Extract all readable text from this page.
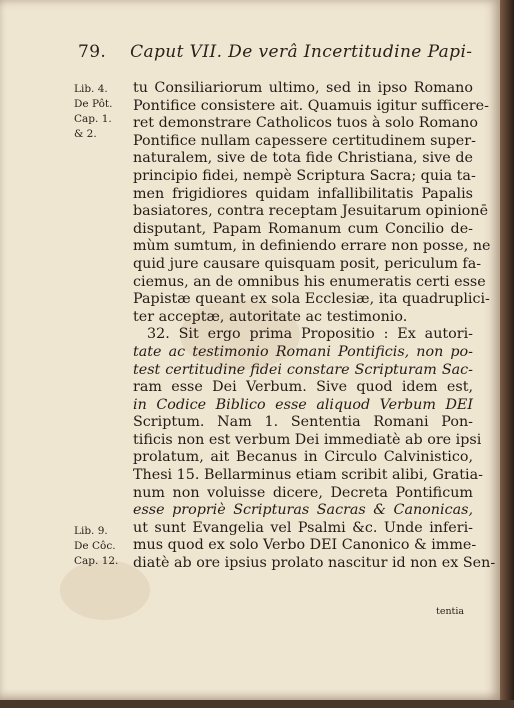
79. Caput VII. De verâ Incertitudine Papi-
Lib. 4.
De Pôt.
Cap. 1.
& 2.
Lib. 9.
De Côc.
Cap. 12.
tu Consiliariorum ultimo, sed in ipso Romano
Pontifice consistere ait. Quamuis igitur sufficere-
ret demonstrare Catholicos tuos à solo Romano
Pontifice nullam capessere certitudinem super-
naturalem, sive de tota fide Christiana, sive de
principio fidei, nempè Scriptura Sacra; quia ta-
men frigidiores quidam infallibilitatis Papalis
basiatores, contra receptam Jesuitarum opinionē
disputant, Papam Romanum cum Concilio de-
mùm sumtum, in definiendo errare non posse, ne
quid jure causare quisquam posit, periculum fa-
ciemus, an de omnibus his enumeratis certi esse
Papistæ queant ex sola Ecclesiæ, ita quadruplici-
ter acceptæ, autoritate ac testimonio.
32. Sit ergo prima Propositio : Ex autori-
tate ac testimonio Romani Pontificis, non po-
test certitudine fidei constare Scripturam Sac-
ram esse Dei Verbum. Sive quod idem est,
in Codice Biblico esse aliquod Verbum DEI
Scriptum. Nam 1. Sententia Romani Pon-
tificis non est verbum Dei immediatè ab ore ipsi
prolatum, ait Becanus in Circulo Calvinistico,
Thesi 15. Bellarminus etiam scribit alibi, Gratia-
num non voluisse dicere, Decreta Pontificum
esse propriè Scripturas Sacras & Canonicas,
ut sunt Evangelia vel Psalmi &c. Unde inferi-
mus quod ex solo Verbo DEI Canonico & imme-
diatè ab ore ipsius prolato nascitur id non ex Sen-
tentia
